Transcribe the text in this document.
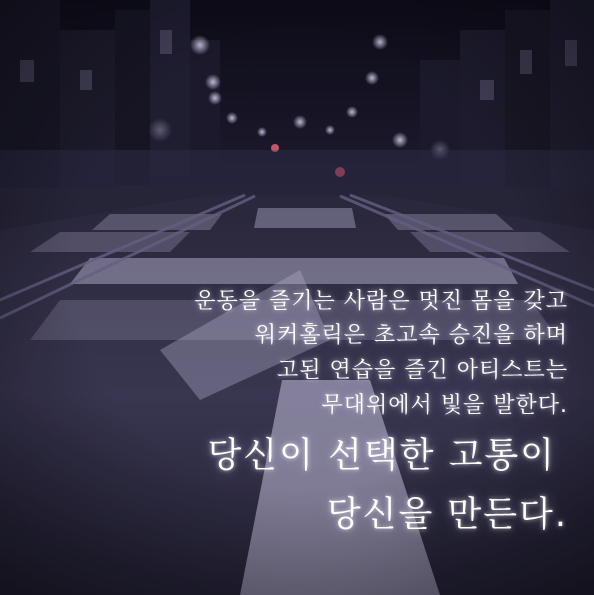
운동을 즐기는 사람은 멋진 몸을 갖고
워커홀릭은 초고속 승진을 하며
고된 연습을 즐긴 아티스트는
무대위에서 빛을 발한다.
당신이 선택한 고통이
당신을 만든다.
